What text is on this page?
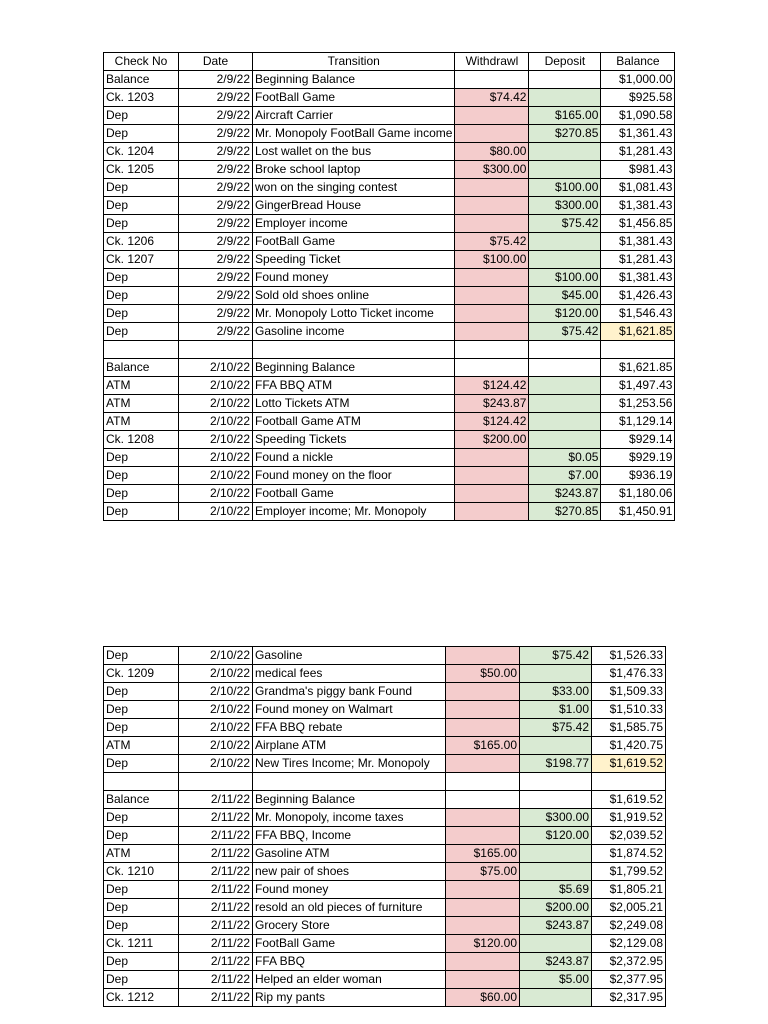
Check No	Date	Transition	Withdrawl	Deposit	Balance
Balance	2/9/22	Beginning Balance			$1,000.00
Ck. 1203	2/9/22	FootBall Game	$74.42		$925.58
Dep	2/9/22	Aircraft Carrier		$165.00	$1,090.58
Dep	2/9/22	Mr. Monopoly FootBall Game income		$270.85	$1,361.43
Ck. 1204	2/9/22	Lost wallet on the bus	$80.00		$1,281.43
Ck. 1205	2/9/22	Broke school laptop	$300.00		$981.43
Dep	2/9/22	won on the singing contest		$100.00	$1,081.43
Dep	2/9/22	GingerBread House		$300.00	$1,381.43
Dep	2/9/22	Employer income		$75.42	$1,456.85
Ck. 1206	2/9/22	FootBall Game	$75.42		$1,381.43
Ck. 1207	2/9/22	Speeding Ticket	$100.00		$1,281.43
Dep	2/9/22	Found money		$100.00	$1,381.43
Dep	2/9/22	Sold old shoes online		$45.00	$1,426.43
Dep	2/9/22	Mr. Monopoly Lotto Ticket income		$120.00	$1,546.43
Dep	2/9/22	Gasoline income		$75.42	$1,621.85

Balance	2/10/22	Beginning Balance			$1,621.85
ATM	2/10/22	FFA BBQ ATM	$124.42		$1,497.43
ATM	2/10/22	Lotto Tickets ATM	$243.87		$1,253.56
ATM	2/10/22	Football Game ATM	$124.42		$1,129.14
Ck. 1208	2/10/22	Speeding Tickets	$200.00		$929.14
Dep	2/10/22	Found a nickle		$0.05	$929.19
Dep	2/10/22	Found money on the floor		$7.00	$936.19
Dep	2/10/22	Football Game		$243.87	$1,180.06
Dep	2/10/22	Employer income; Mr. Monopoly		$270.85	$1,450.91
Dep	2/10/22	Gasoline		$75.42	$1,526.33
Ck. 1209	2/10/22	medical fees	$50.00		$1,476.33
Dep	2/10/22	Grandma's piggy bank Found		$33.00	$1,509.33
Dep	2/10/22	Found money on Walmart		$1.00	$1,510.33
Dep	2/10/22	FFA BBQ rebate		$75.42	$1,585.75
ATM	2/10/22	Airplane ATM	$165.00		$1,420.75
Dep	2/10/22	New Tires Income; Mr. Monopoly		$198.77	$1,619.52

Balance	2/11/22	Beginning Balance			$1,619.52
Dep	2/11/22	Mr. Monopoly, income taxes		$300.00	$1,919.52
Dep	2/11/22	FFA BBQ, Income		$120.00	$2,039.52
ATM	2/11/22	Gasoline ATM	$165.00		$1,874.52
Ck. 1210	2/11/22	new pair of shoes	$75.00		$1,799.52
Dep	2/11/22	Found money		$5.69	$1,805.21
Dep	2/11/22	resold an old pieces of furniture		$200.00	$2,005.21
Dep	2/11/22	Grocery Store		$243.87	$2,249.08
Ck. 1211	2/11/22	FootBall Game	$120.00		$2,129.08
Dep	2/11/22	FFA BBQ		$243.87	$2,372.95
Dep	2/11/22	Helped an elder woman		$5.00	$2,377.95
Ck. 1212	2/11/22	Rip my pants	$60.00		$2,317.95
